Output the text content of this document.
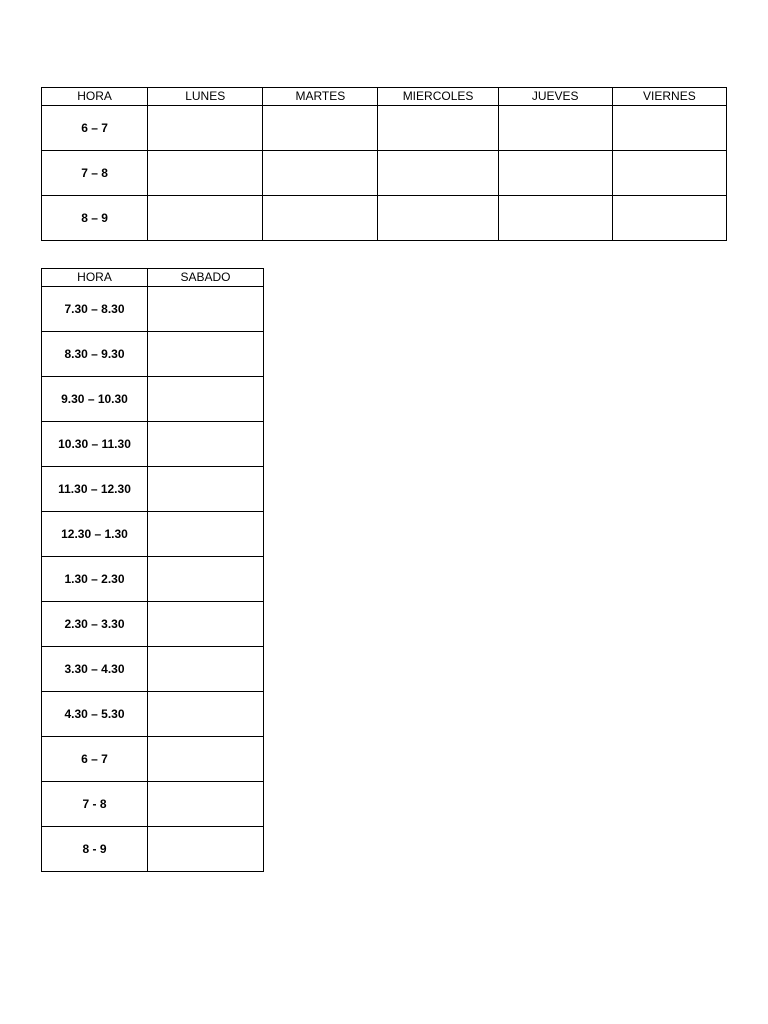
HORA	LUNES	MARTES	MIERCOLES	JUEVES	VIERNES
6 – 7					
7 – 8					
8 – 9					
HORA	SABADO
7.30 – 8.30	
8.30 – 9.30	
9.30 – 10.30	
10.30 – 11.30	
11.30 – 12.30	
12.30 – 1.30	
1.30 – 2.30	
2.30 – 3.30	
3.30 – 4.30	
4.30 – 5.30	
6 – 7	
7 - 8	
8 - 9	
